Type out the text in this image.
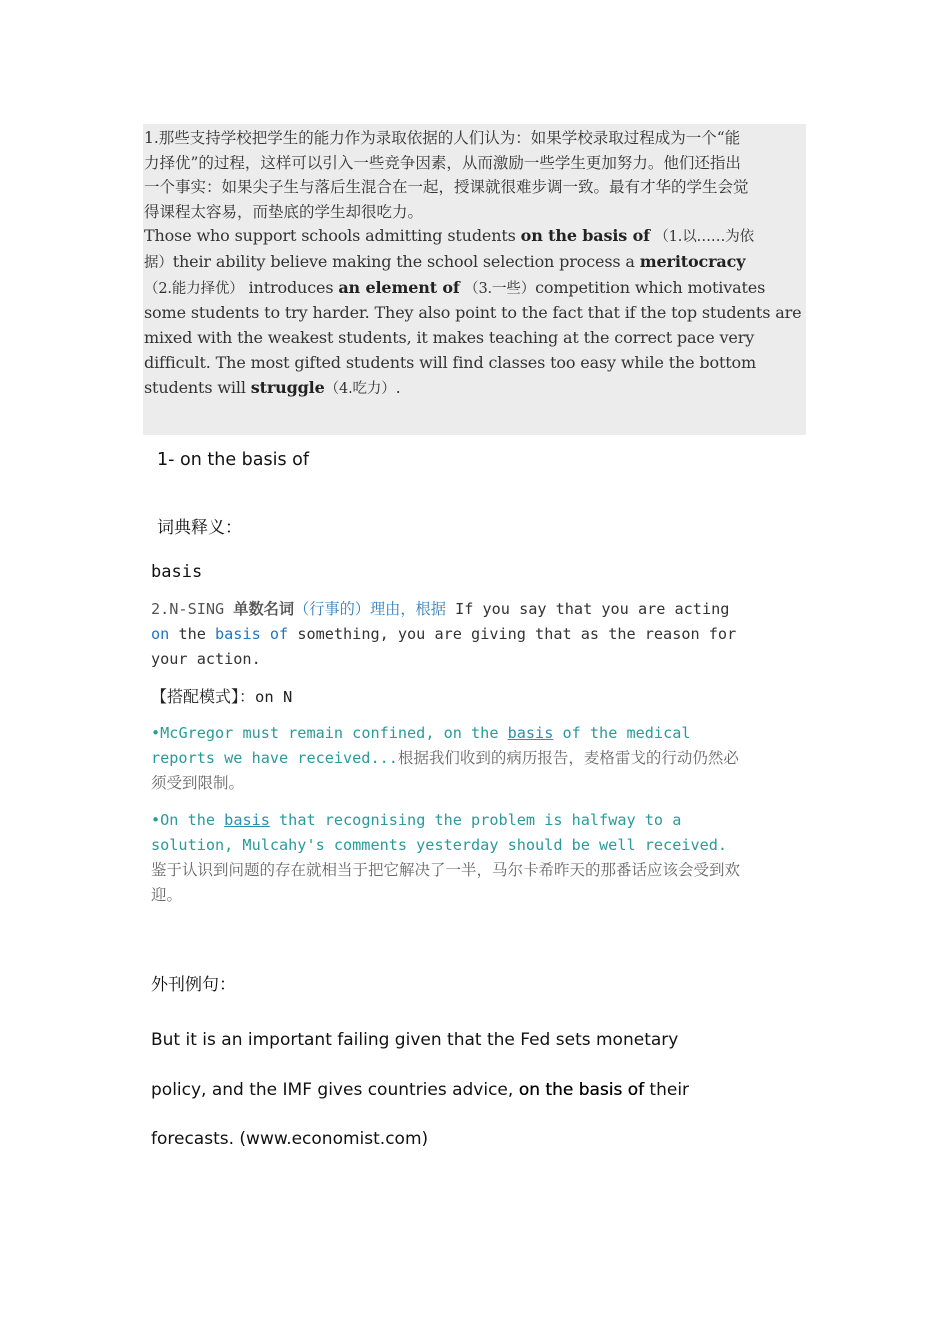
1.那些支持学校把学生的能力作为录取依据的人们认为：如果学校录取过程成为一个“能
力择优”的过程，这样可以引入一些竞争因素，从而激励一些学生更加努力。他们还指出
一个事实：如果尖子生与落后生混合在一起，授课就很难步调一致。最有才华的学生会觉
得课程太容易，而垫底的学生却很吃力。

Those who support schools admitting students on the basis of （1.以……为依
据）their ability believe making the school selection process a meritocracy
（2.能力择优） introduces an element of （3.一些）competition which motivates some students to try harder. They also point to the fact that if the top students are mixed with the weakest students, it makes teaching at the correct pace very difficult. The most gifted students will find classes too easy while the bottom students will struggle（4.吃力）.

1- on the basis of

词典释义：

basis

2.N-SING 单数名词（行事的）理由，根据 If you say that you are acting on the basis of something, you are giving that as the reason for your action.

【搭配模式】：on N

•McGregor must remain confined, on the basis of the medical reports we have received...根据我们收到的病历报告，麦格雷戈的行动仍然必须受到限制。

•On the basis that recognising the problem is halfway to a solution, Mulcahy's comments yesterday should be well received.鉴于认识到问题的存在就相当于把它解决了一半，马尔卡希昨天的那番话应该会受到欢迎。

外刊例句：

But it is an important failing given that the Fed sets monetary

policy, and the IMF gives countries advice, on the basis of their

forecasts. (www.economist.com)
